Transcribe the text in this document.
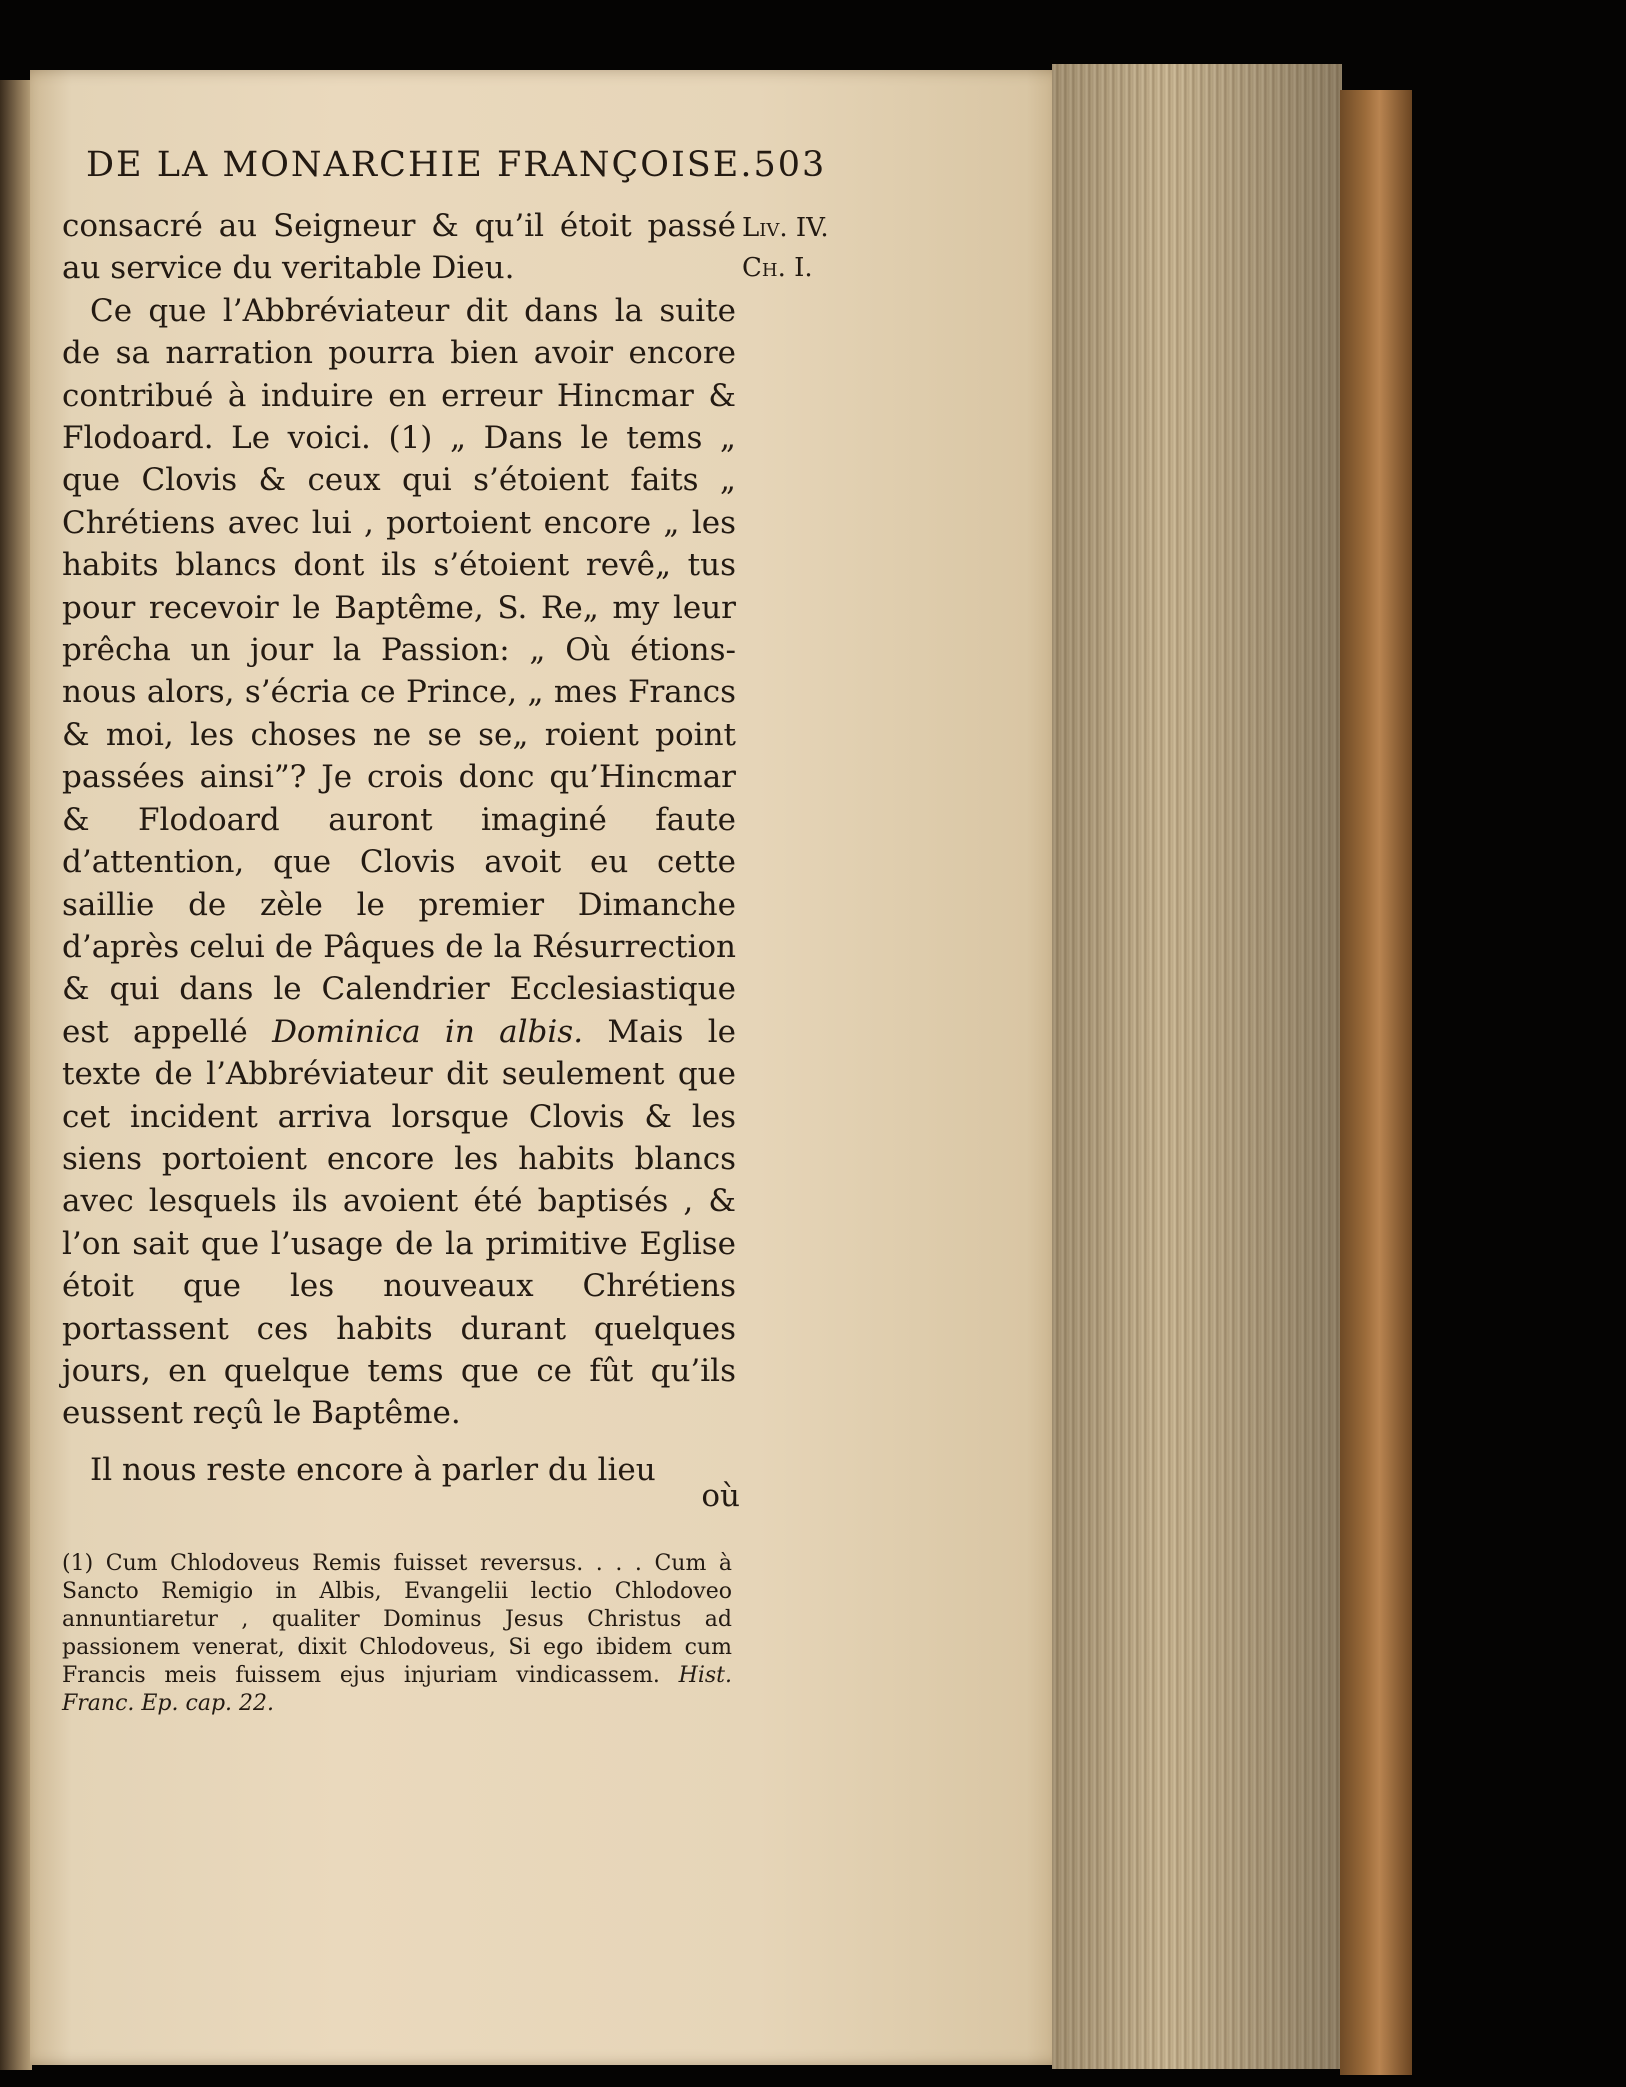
DE LA MONARCHIE FRANÇOISE. 503
Liv. IV.
Ch. I.

consacré au Seigneur & qu’il étoit passé au service du veritable Dieu.

Ce que l’Abbréviateur dit dans la suite de sa narration pourra bien avoir encore contribué à induire en erreur Hincmar & Flodoard. Le voici. (1) „ Dans le tems „ que Clovis & ceux qui s’étoient faits „ Chrétiens avec lui , portoient encore „ les habits blancs dont ils s’étoient revê„ tus pour recevoir le Baptême, S. Re„ my leur prêcha un jour la Passion: „ Où étions-nous alors, s’écria ce Prince, „ mes Francs & moi, les choses ne se se„ roient point passées ainsi”? Je crois donc qu’Hincmar & Flodoard auront imaginé faute d’attention, que Clovis avoit eu cette saillie de zèle le premier Dimanche d’après celui de Pâques de la Résurrection & qui dans le Calendrier Ecclesiastique est appellé Dominica in albis. Mais le texte de l’Abbréviateur dit seulement que cet incident arriva lorsque Clovis & les siens portoient encore les habits blancs avec lesquels ils avoient été baptisés , & l’on sait que l’usage de la primitive Eglise étoit que les nouveaux Chrétiens portassent ces habits durant quelques jours, en quelque tems que ce fût qu’ils eussent reçû le Baptême.

Il nous reste encore à parler du lieu

où
(1) Cum Chlodoveus Remis fuisset reversus. . . . Cum à Sancto Remigio in Albis, Evangelii lectio Chlodoveo annuntiaretur , qualiter Dominus Jesus Christus ad passionem venerat, dixit Chlodoveus, Si ego ibidem cum Francis meis fuissem ejus injuriam vindicassem. Hist. Franc. Ep. cap. 22.
